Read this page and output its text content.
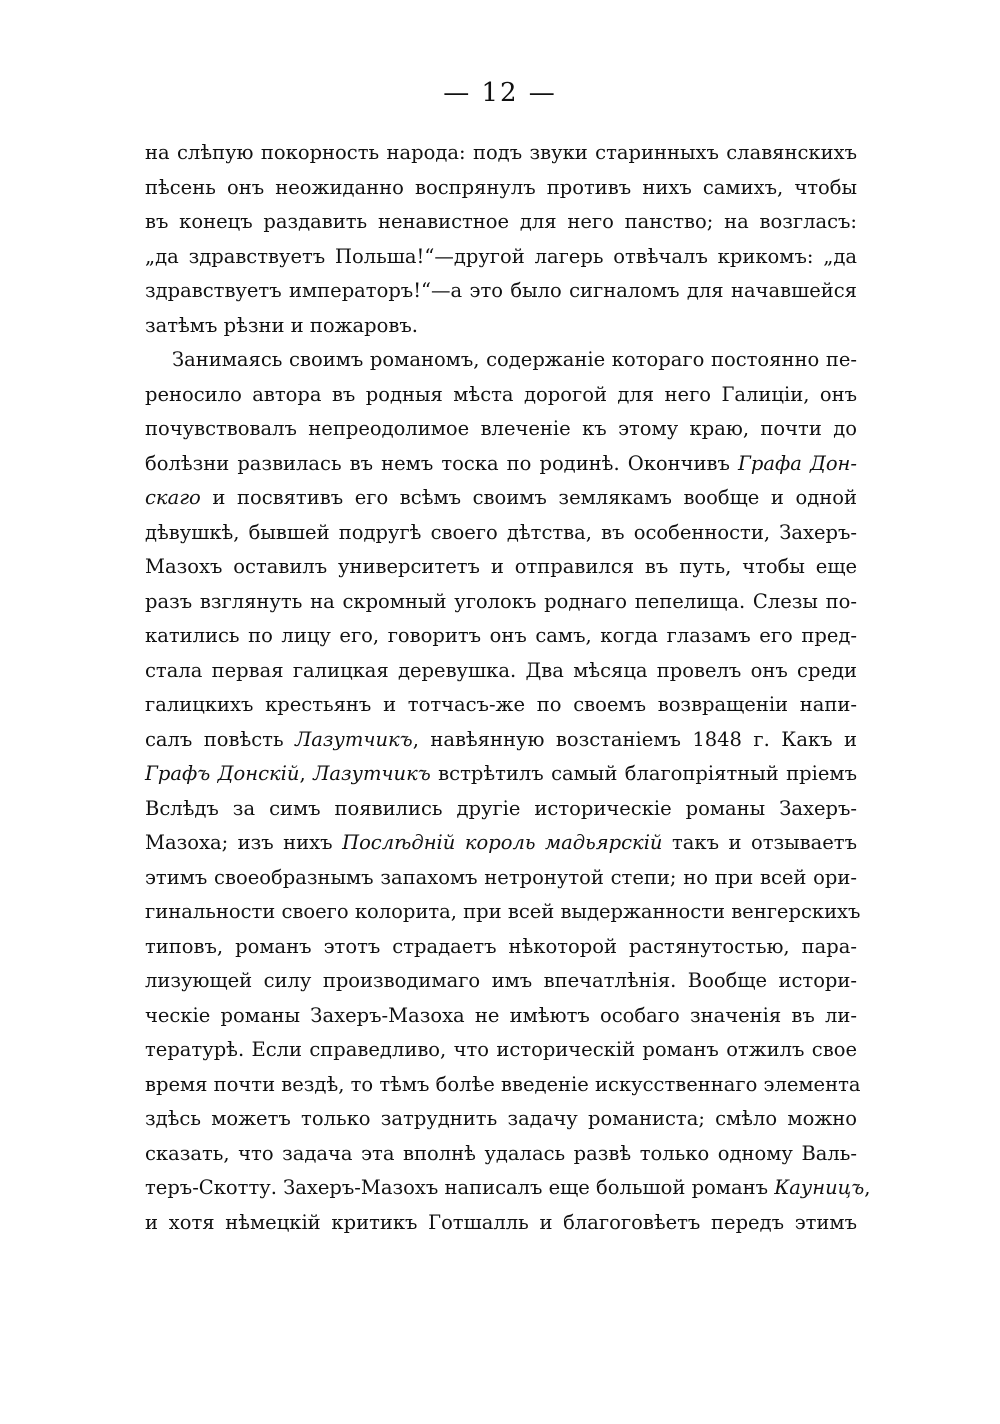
— 12 —
на слѣпую покорность народа: подъ звуки старинныхъ славянскихъ
пѣсень онъ неожиданно воспрянулъ противъ нихъ самихъ, чтобы
въ конецъ раздавить ненавистное для него панство; на возгласъ:
„да здравствуетъ Польша!“—другой лагерь отвѣчалъ крикомъ: „да
здравствуетъ императоръ!“—а это было сигналомъ для начавшейся
затѣмъ рѣзни и пожаровъ.
Занимаясь своимъ романомъ, содержаніе котораго постоянно пе-
реносило автора въ родныя мѣста дорогой для него Галиціи, онъ
почувствовалъ непреодолимое влеченіе къ этому краю, почти до
болѣзни развилась въ немъ тоска по родинѣ. Окончивъ Графа Дон-
скаго и посвятивъ его всѣмъ своимъ землякамъ вообще и одной
дѣвушкѣ, бывшей подругѣ своего дѣтства, въ особенности, Захеръ-
Мазохъ оставилъ университетъ и отправился въ путь, чтобы еще
разъ взглянуть на скромный уголокъ роднаго пепелища. Слезы по-
катились по лицу его, говоритъ онъ самъ, когда глазамъ его пред-
стала первая галицкая деревушка. Два мѣсяца провелъ онъ среди
галицкихъ крестьянъ и тотчасъ-же по своемъ возвращеніи напи-
салъ повѣсть Лазутчикъ, навѣянную возстаніемъ 1848 г. Какъ и
Графъ Донскій, Лазутчикъ встрѣтилъ самый благопріятный пріемъ
Вслѣдъ за симъ появились другіе историческіе романы Захеръ-
Мазоха; изъ нихъ Послѣдній король мадьярскій такъ и отзываетъ
этимъ своеобразнымъ запахомъ нетронутой степи; но при всей ори-
гинальности своего колорита, при всей выдержанности венгерскихъ
типовъ, романъ этотъ страдаетъ нѣкоторой растянутостью, пара-
лизующей силу производимаго имъ впечатлѣнія. Вообще истори-
ческіе романы Захеръ-Мазоха не имѣютъ особаго значенія въ ли-
тературѣ. Если справедливо, что историческій романъ отжилъ свое
время почти вездѣ, то тѣмъ болѣе введеніе искусственнаго элемента
здѣсь можетъ только затруднить задачу романиста; смѣло можно
сказать, что задача эта вполнѣ удалась развѣ только одному Валь-
теръ-Скотту. Захеръ-Мазохъ написалъ еще большой романъ Кауницъ,
и хотя нѣмецкій критикъ Готшалль и благоговѣетъ передъ этимъ
